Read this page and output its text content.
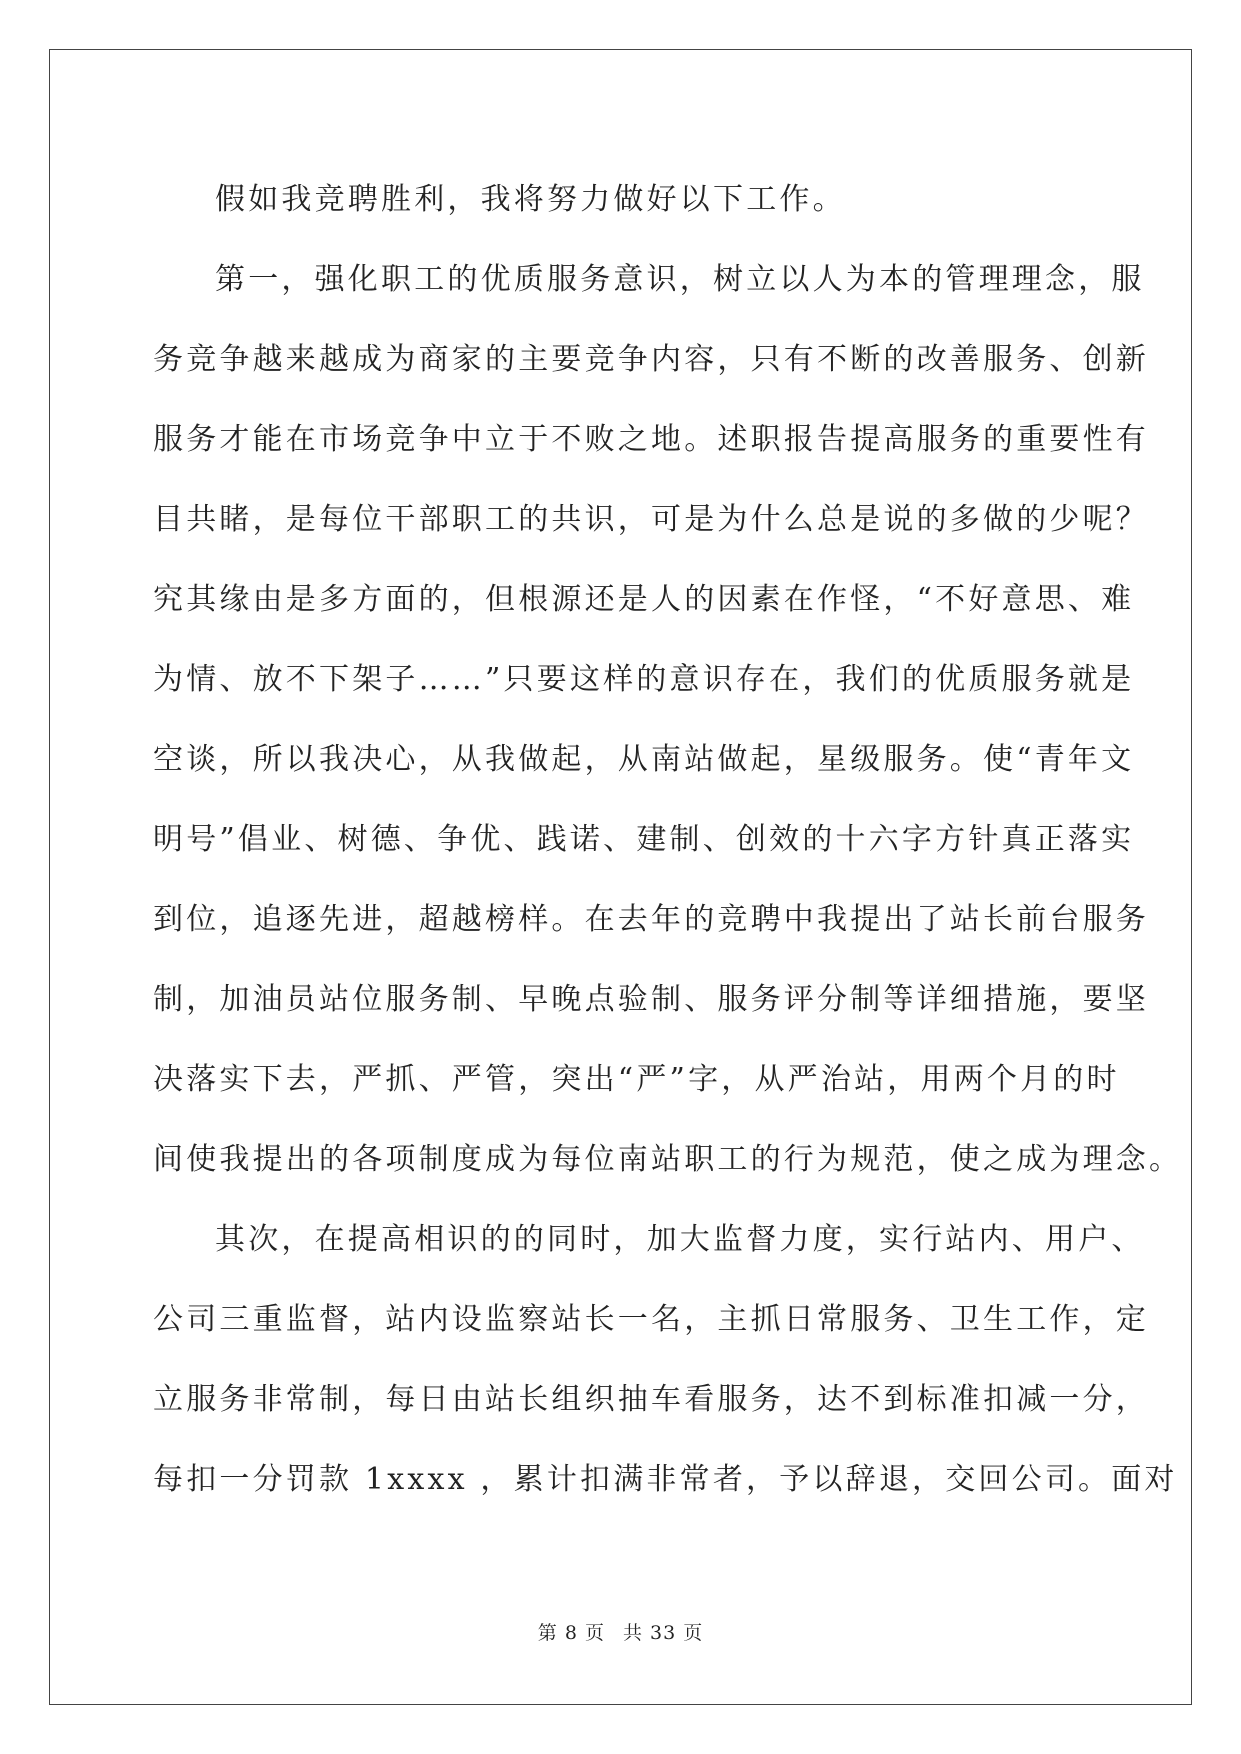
假如我竞聘胜利，我将努力做好以下工作。
第一，强化职工的优质服务意识，树立以人为本的管理理念，服
务竞争越来越成为商家的主要竞争内容，只有不断的改善服务、创新
服务才能在市场竞争中立于不败之地。述职报告提高服务的重要性有
目共睹，是每位干部职工的共识，可是为什么总是说的多做的少呢？
究其缘由是多方面的，但根源还是人的因素在作怪，“不好意思、难
为情、放不下架子……”只要这样的意识存在，我们的优质服务就是
空谈，所以我决心，从我做起，从南站做起，星级服务。使“青年文
明号”倡业、树德、争优、践诺、建制、创效的十六字方针真正落实
到位，追逐先进，超越榜样。在去年的竞聘中我提出了站长前台服务
制，加油员站位服务制、早晚点验制、服务评分制等详细措施，要坚
决落实下去，严抓、严管，突出“严”字，从严治站，用两个月的时
间使我提出的各项制度成为每位南站职工的行为规范，使之成为理念。
其次，在提高相识的的同时，加大监督力度，实行站内、用户、
公司三重监督，站内设监察站长一名，主抓日常服务、卫生工作，定
立服务非常制，每日由站长组织抽车看服务，达不到标准扣减一分，
每扣一分罚款 1xxxx ，累计扣满非常者，予以辞退，交回公司。面对
第 8 页 共 33 页
